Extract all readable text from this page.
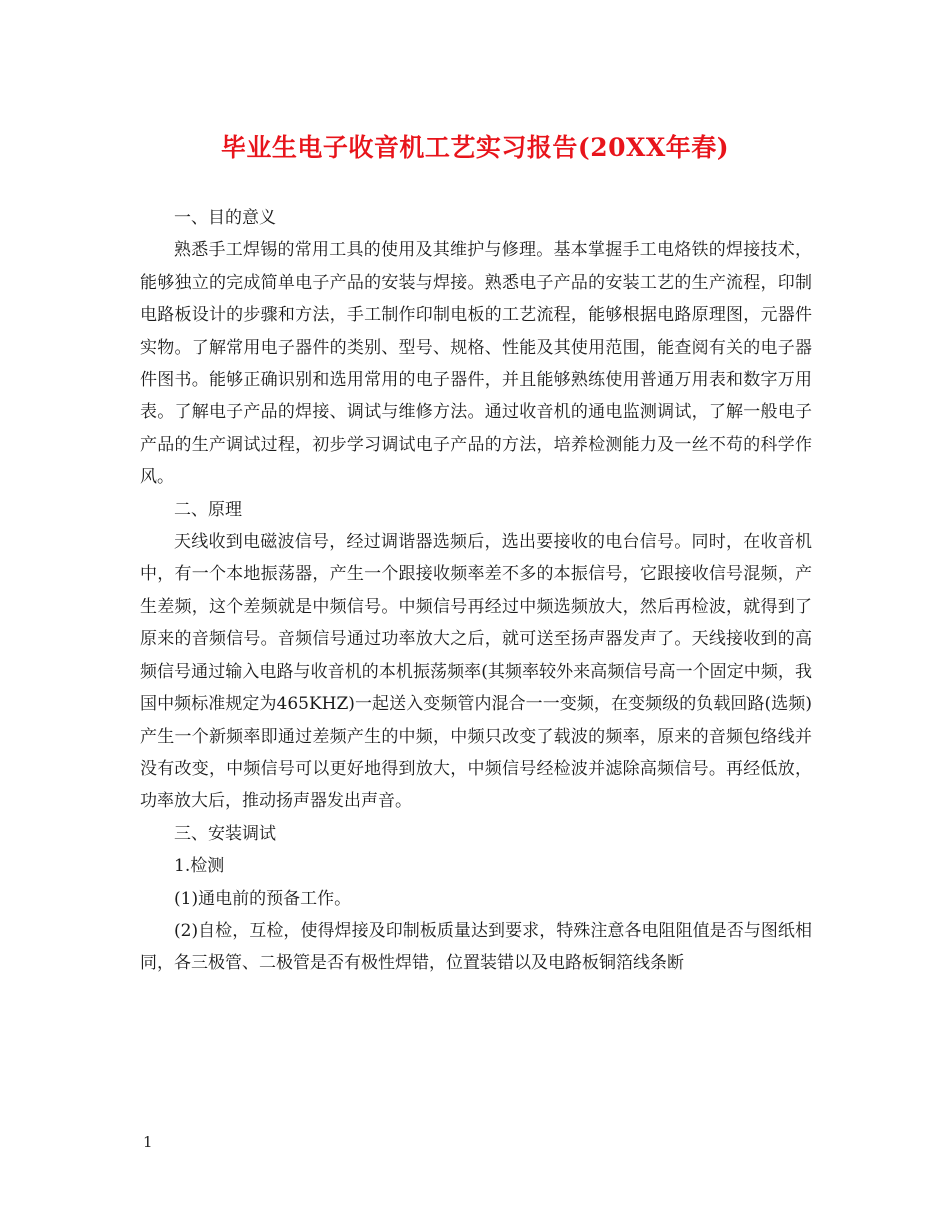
毕业生电子收音机工艺实习报告(20XX年春)

一、目的意义

熟悉手工焊锡的常用工具的使用及其维护与修理。基本掌握手工电烙铁的焊接技术，能够独立的完成简单电子产品的安装与焊接。熟悉电子产品的安装工艺的生产流程，印制电路板设计的步骤和方法，手工制作印制电板的工艺流程，能够根据电路原理图，元器件实物。了解常用电子器件的类别、型号、规格、性能及其使用范围，能查阅有关的电子器件图书。能够正确识别和选用常用的电子器件，并且能够熟练使用普通万用表和数字万用表。了解电子产品的焊接、调试与维修方法。通过收音机的通电监测调试，了解一般电子产品的生产调试过程，初步学习调试电子产品的方法，培养检测能力及一丝不苟的科学作风。

二、原理

天线收到电磁波信号，经过调谐器选频后，选出要接收的电台信号。同时，在收音机中，有一个本地振荡器，产生一个跟接收频率差不多的本振信号，它跟接收信号混频，产生差频，这个差频就是中频信号。中频信号再经过中频选频放大，然后再检波，就得到了原来的音频信号。音频信号通过功率放大之后，就可送至扬声器发声了。天线接收到的高频信号通过输入电路与收音机的本机振荡频率(其频率较外来高频信号高一个固定中频，我国中频标准规定为465KHZ)一起送入变频管内混合一一变频，在变频级的负载回路(选频)产生一个新频率即通过差频产生的中频，中频只改变了载波的频率，原来的音频包络线并没有改变，中频信号可以更好地得到放大，中频信号经检波并滤除高频信号。再经低放，功率放大后，推动扬声器发出声音。

三、安装调试

1.检测

(1)通电前的预备工作。

(2)自检，互检，使得焊接及印制板质量达到要求，特殊注意各电阻阻值是否与图纸相同，各三极管、二极管是否有极性焊错，位置装错以及电路板铜箔线条断

1
